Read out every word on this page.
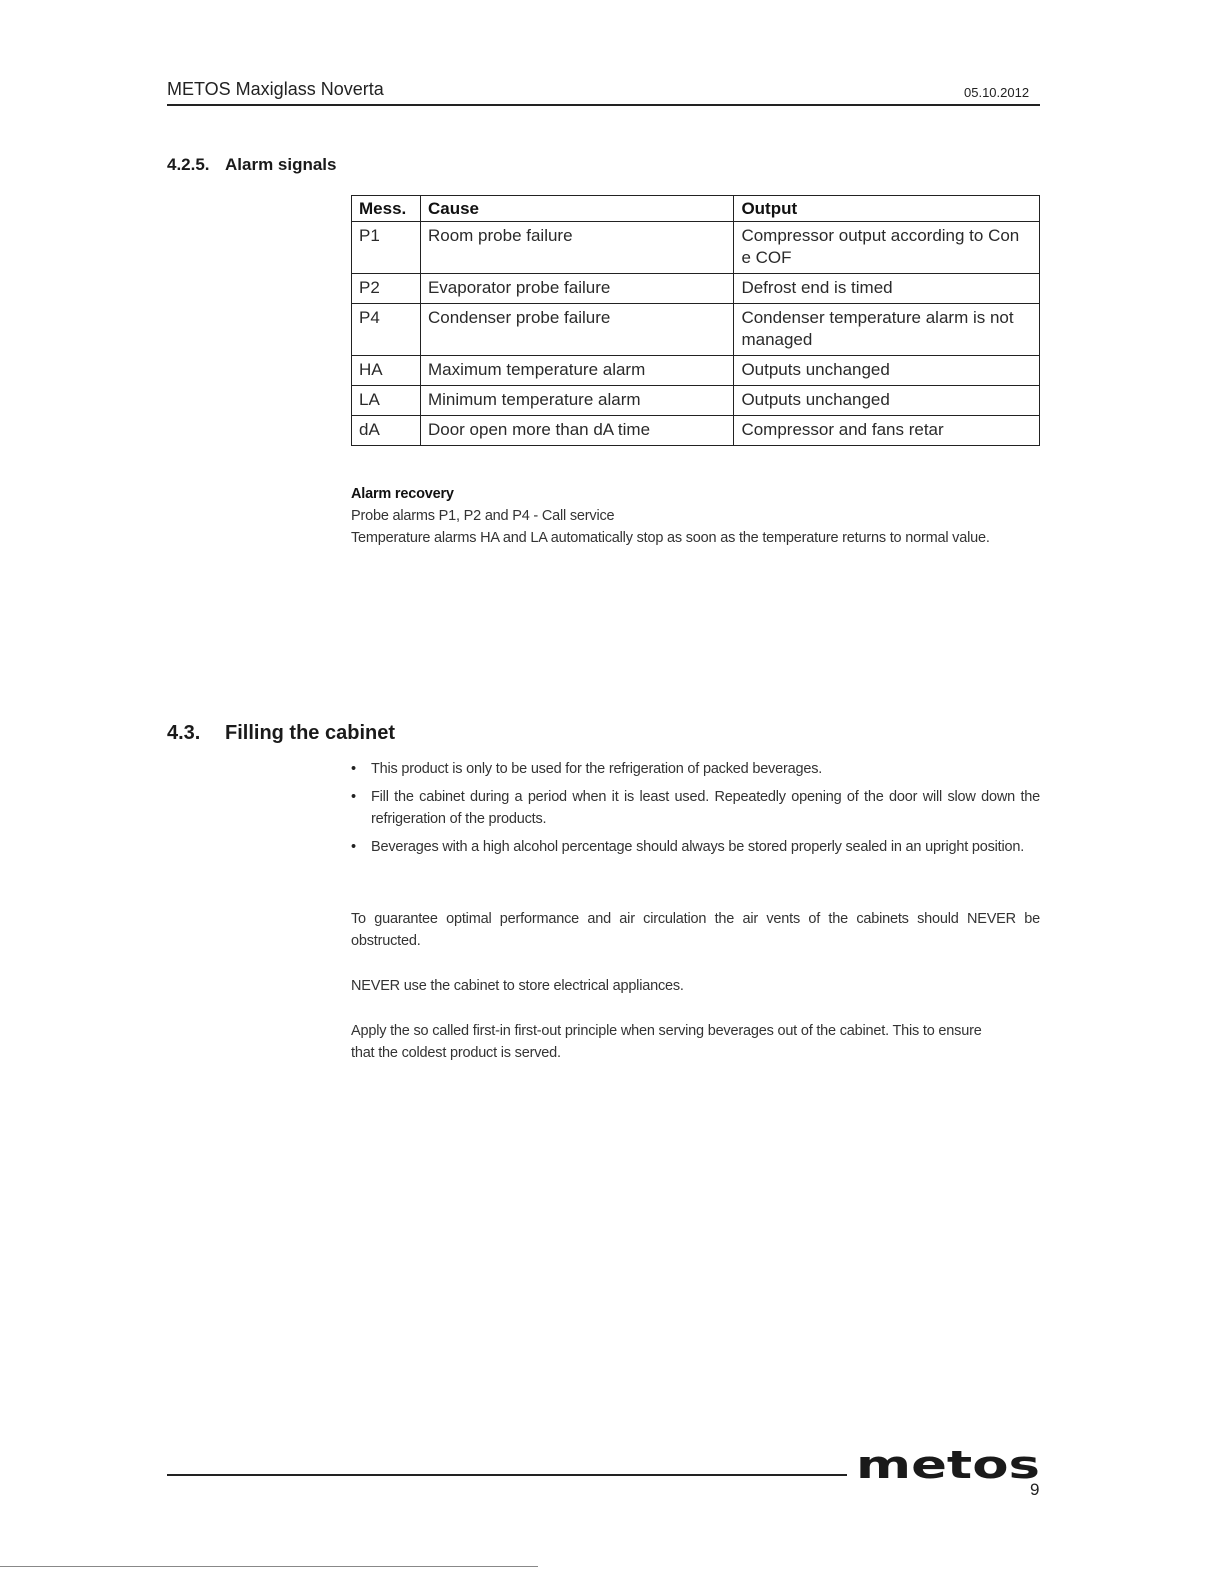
METOS Maxiglass Noverta	05.10.2012
4.2.5. Alarm signals
Mess.	Cause	Output
P1	Room probe failure	Compressor output according to Con e COF
P2	Evaporator probe failure	Defrost end is timed
P4	Condenser probe failure	Condenser temperature alarm is not managed
HA	Maximum temperature alarm	Outputs unchanged
LA	Minimum temperature alarm	Outputs unchanged
dA	Door open more than dA time	Compressor and fans retar
Alarm recovery
Probe alarms P1, P2 and P4 - Call service
Temperature alarms HA and LA automatically stop as soon as the temperature returns to normal value.
4.3. Filling the cabinet
• This product is only to be used for the refrigeration of packed beverages.
• Fill the cabinet during a period when it is least used. Repeatedly opening of the door will slow down the refrigeration of the products.
• Beverages with a high alcohol percentage should always be stored properly sealed in an upright position.
To guarantee optimal performance and air circulation the air vents of the cabinets should NEVER be obstructed.
NEVER use the cabinet to store electrical appliances.
Apply the so called first-in first-out principle when serving beverages out of the cabinet. This to ensure that the coldest product is served.
metos
9
